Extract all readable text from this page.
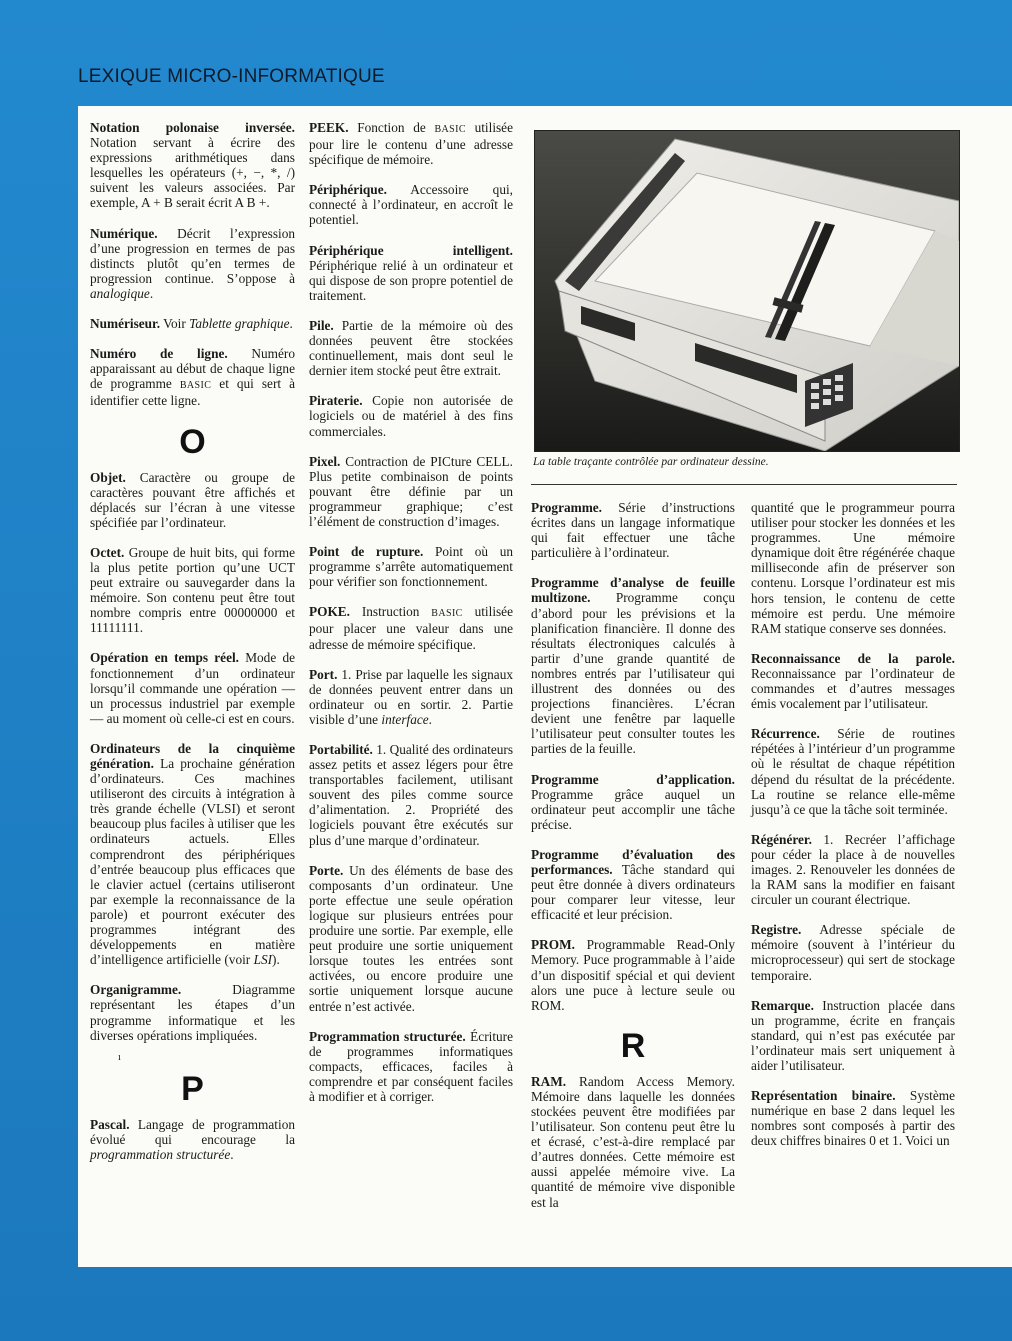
LEXIQUE MICRO-INFORMATIQUE

Notation polonaise inversée. Notation servant à écrire des expressions arithmétiques dans lesquelles les opérateurs (+, −, *, /) suivent les valeurs associées. Par exemple, A + B serait écrit A B +.

Numérique. Décrit l’expression d’une progression en termes de pas distincts plutôt qu’en termes de progression continue. S’oppose à analogique.

Numériseur. Voir Tablette graphique.

Numéro de ligne. Numéro apparaissant au début de chaque ligne de programme BASIC et qui sert à identifier cette ligne.

O

Objet. Caractère ou groupe de caractères pouvant être affichés et déplacés sur l’écran à une vitesse spécifiée par l’ordinateur.

Octet. Groupe de huit bits, qui forme la plus petite portion qu’une UCT peut extraire ou sauvegarder dans la mémoire. Son contenu peut être tout nombre compris entre 00000000 et 11111111.

Opération en temps réel. Mode de fonctionnement d’un ordinateur lorsqu’il commande une opération — un processus industriel par exemple — au moment où celle-ci est en cours.

Ordinateurs de la cinquième génération. La prochaine génération d’ordinateurs. Ces machines utiliseront des circuits à intégration à très grande échelle (VLSI) et seront beaucoup plus faciles à utiliser que les ordinateurs actuels. Elles comprendront des périphériques d’entrée beaucoup plus efficaces que le clavier actuel (certains utiliseront par exemple la reconnaissance de la parole) et pourront exécuter des programmes intégrant des développements en matière d’intelligence artificielle (voir LSI).

Organigramme. Diagramme représentant les étapes d’un programme informatique et les diverses opérations impliquées.

ı
P

Pascal. Langage de programmation évolué qui encourage la programmation structurée.

PEEK. Fonction de BASIC utilisée pour lire le contenu d’une adresse spécifique de mémoire.

Périphérique. Accessoire qui, connecté à l’ordinateur, en accroît le potentiel.

Périphérique intelligent. Périphérique relié à un ordinateur et qui dispose de son propre potentiel de traitement.

Pile. Partie de la mémoire où des données peuvent être stockées continuellement, mais dont seul le dernier item stocké peut être extrait.

Piraterie. Copie non autorisée de logiciels ou de matériel à des fins commerciales.

Pixel. Contraction de PICture CELL. Plus petite combinaison de points pouvant être définie par un programmeur graphique; c’est l’élément de construction d’images.

Point de rupture. Point où un programme s’arrête automatiquement pour vérifier son fonctionnement.

POKE. Instruction BASIC utilisée pour placer une valeur dans une adresse de mémoire spécifique.

Port. 1. Prise par laquelle les signaux de données peuvent entrer dans un ordinateur ou en sortir. 2. Partie visible d’une interface.

Portabilité. 1. Qualité des ordinateurs assez petits et assez légers pour être transportables facilement, utilisant souvent des piles comme source d’alimentation. 2. Propriété des logiciels pouvant être exécutés sur plus d’une marque d’ordinateur.

Porte. Un des éléments de base des composants d’un ordinateur. Une porte effectue une seule opération logique sur plusieurs entrées pour produire une sortie. Par exemple, elle peut produire une sortie uniquement lorsque toutes les entrées sont activées, ou encore produire une sortie uniquement lorsque aucune entrée n’est activée.

Programmation structurée. Écriture de programmes informatiques compacts, efficaces, faciles à comprendre et par conséquent faciles à modifier et à corriger.

La table traçante contrôlée par ordinateur dessine.

Programme. Série d’instructions écrites dans un langage informatique qui fait effectuer une tâche particulière à l’ordinateur.

Programme d’analyse de feuille multizone. Programme conçu d’abord pour les prévisions et la planification financière. Il donne des résultats électroniques calculés à partir d’une grande quantité de nombres entrés par l’utilisateur qui illustrent des données ou des projections financières. L’écran devient une fenêtre par laquelle l’utilisateur peut consulter toutes les parties de la feuille.

Programme d’application. Programme grâce auquel un ordinateur peut accomplir une tâche précise.

Programme d’évaluation des performances. Tâche standard qui peut être donnée à divers ordinateurs pour comparer leur vitesse, leur efficacité et leur précision.

PROM. Programmable Read-Only Memory. Puce programmable à l’aide d’un dispositif spécial et qui devient alors une puce à lecture seule ou ROM.

R

RAM. Random Access Memory. Mémoire dans laquelle les données stockées peuvent être modifiées par l’utilisateur. Son contenu peut être lu et écrasé, c’est-à-dire remplacé par d’autres données. Cette mémoire est aussi appelée mémoire vive. La quantité de mémoire vive disponible est la

quantité que le programmeur pourra utiliser pour stocker les données et les programmes. Une mémoire dynamique doit être régénérée chaque milliseconde afin de préserver son contenu. Lorsque l’ordinateur est mis hors tension, le contenu de cette mémoire est perdu. Une mémoire RAM statique conserve ses données.

Reconnaissance de la parole. Reconnaissance par l’ordinateur de commandes et d’autres messages émis vocalement par l’utilisateur.

Récurrence. Série de routines répétées à l’intérieur d’un programme où le résultat de chaque répétition dépend du résultat de la précédente. La routine se relance elle-même jusqu’à ce que la tâche soit terminée.

Régénérer. 1. Recréer l’affichage pour céder la place à de nouvelles images. 2. Renouveler les données de la RAM sans la modifier en faisant circuler un courant électrique.

Registre. Adresse spéciale de mémoire (souvent à l’intérieur du microprocesseur) qui sert de stockage temporaire.

Remarque. Instruction placée dans un programme, écrite en français standard, qui n’est pas exécutée par l’ordinateur mais sert uniquement à aider l’utilisateur.

Représentation binaire. Système numérique en base 2 dans lequel les nombres sont composés à partir des deux chiffres binaires 0 et 1. Voici un
